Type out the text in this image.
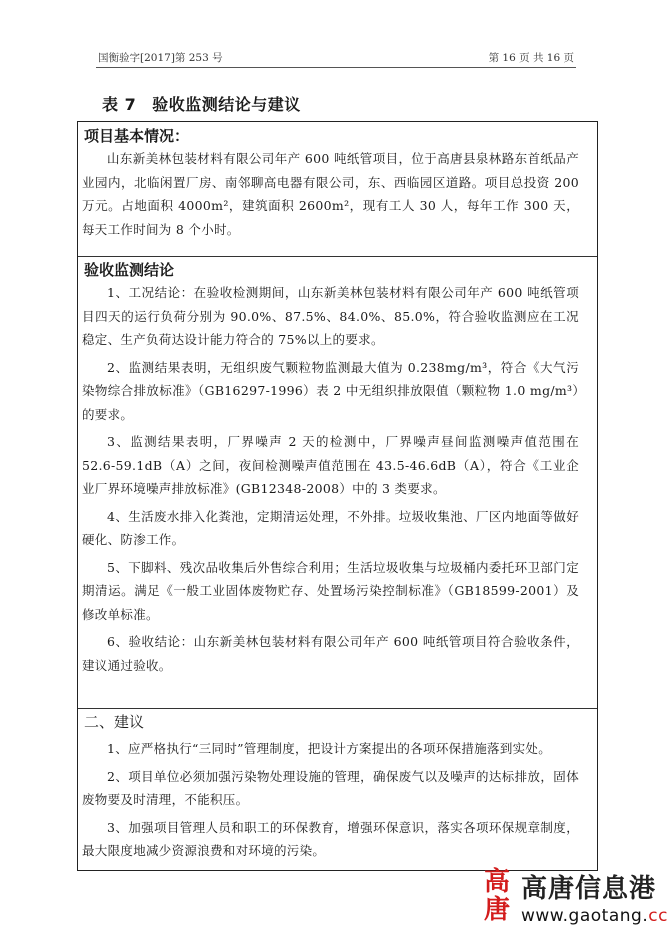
国衡验字[2017]第 253 号	第 16 页 共 16 页
表 7 验收监测结论与建议
项目基本情况：

山东新美林包装材料有限公司年产 600 吨纸管项目，位于高唐县泉林路东首纸品产业园内，北临闲置厂房、南邻聊高电器有限公司，东、西临园区道路。项目总投资 200 万元。占地面积 4000m²，建筑面积 2600m²，现有工人 30 人，每年工作 300 天，每天工作时间为 8 个小时。

验收监测结论

1、工况结论：在验收检测期间，山东新美林包装材料有限公司年产 600 吨纸管项目四天的运行负荷分别为 90.0%、87.5%、84.0%、85.0%，符合验收监测应在工况稳定、生产负荷达设计能力符合的 75%以上的要求。

2、监测结果表明，无组织废气颗粒物监测最大值为 0.238mg/m³，符合《大气污染物综合排放标准》（GB16297-1996）表 2 中无组织排放限值（颗粒物 1.0 mg/m³）的要求。

3、监测结果表明，厂界噪声 2 天的检测中，厂界噪声昼间监测噪声值范围在 52.6-59.1dB（A）之间，夜间检测噪声值范围在 43.5-46.6dB（A），符合《工业企业厂界环境噪声排放标准》(GB12348-2008）中的 3 类要求。

4、生活废水排入化粪池，定期清运处理，不外排。垃圾收集池、厂区内地面等做好硬化、防渗工作。

5、下脚料、残次品收集后外售综合利用；生活垃圾收集与垃圾桶内委托环卫部门定期清运。满足《一般工业固体废物贮存、处置场污染控制标准》（GB18599-2001）及修改单标准。

6、验收结论：山东新美林包装材料有限公司年产 600 吨纸管项目符合验收条件，建议通过验收。

二、建议

1、应严格执行“三同时”管理制度，把设计方案提出的各项环保措施落到实处。

2、项目单位必须加强污染物处理设施的管理，确保废气以及噪声的达标排放，固体废物要及时清理，不能积压。

3、加强项目管理人员和职工的环保教育，增强环保意识，落实各项环保规章制度，最大限度地减少资源浪费和对环境的污染。

高唐
高唐信息港
www.gaotang.cc
